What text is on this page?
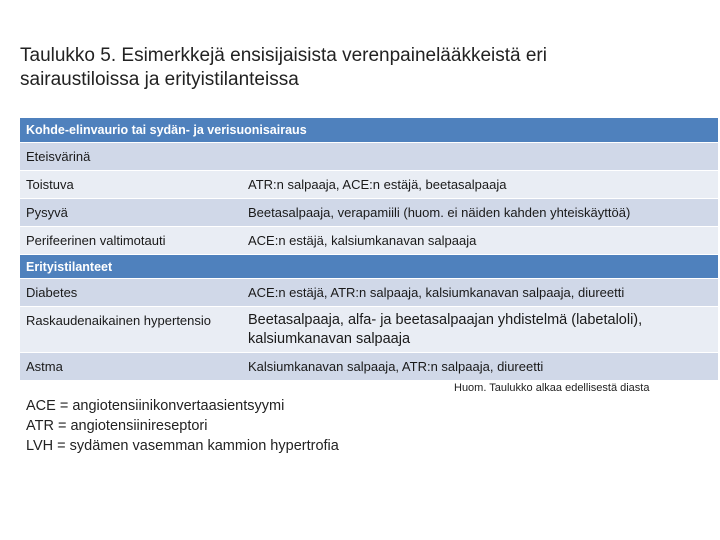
Taulukko 5. Esimerkkejä ensisijaisista verenpainelääkkeistä eri
sairaustiloissa ja erityistilanteissa
Kohde-elinvaurio tai sydän- ja verisuonisairaus
Eteisvärinä
Toistuva	ATR:n salpaaja, ACE:n estäjä, beetasalpaaja
Pysyvä	Beetasalpaaja, verapamiili (huom. ei näiden kahden yhteiskäyttöä)
Perifeerinen valtimotauti	ACE:n estäjä, kalsiumkanavan salpaaja
Erityistilanteet
Diabetes	ACE:n estäjä, ATR:n salpaaja, kalsiumkanavan salpaaja, diureetti
Raskaudenaikainen hypertensio	Beetasalpaaja, alfa- ja beetasalpaajan yhdistelmä (labetaloli), kalsiumkanavan salpaaja
Astma	Kalsiumkanavan salpaaja, ATR:n salpaaja, diureetti
Huom. Taulukko alkaa edellisestä diasta
ACE = angiotensiinikonvertaasientsyymi
ATR = angiotensiinireseptori
LVH = sydämen vasemman kammion hypertrofia
